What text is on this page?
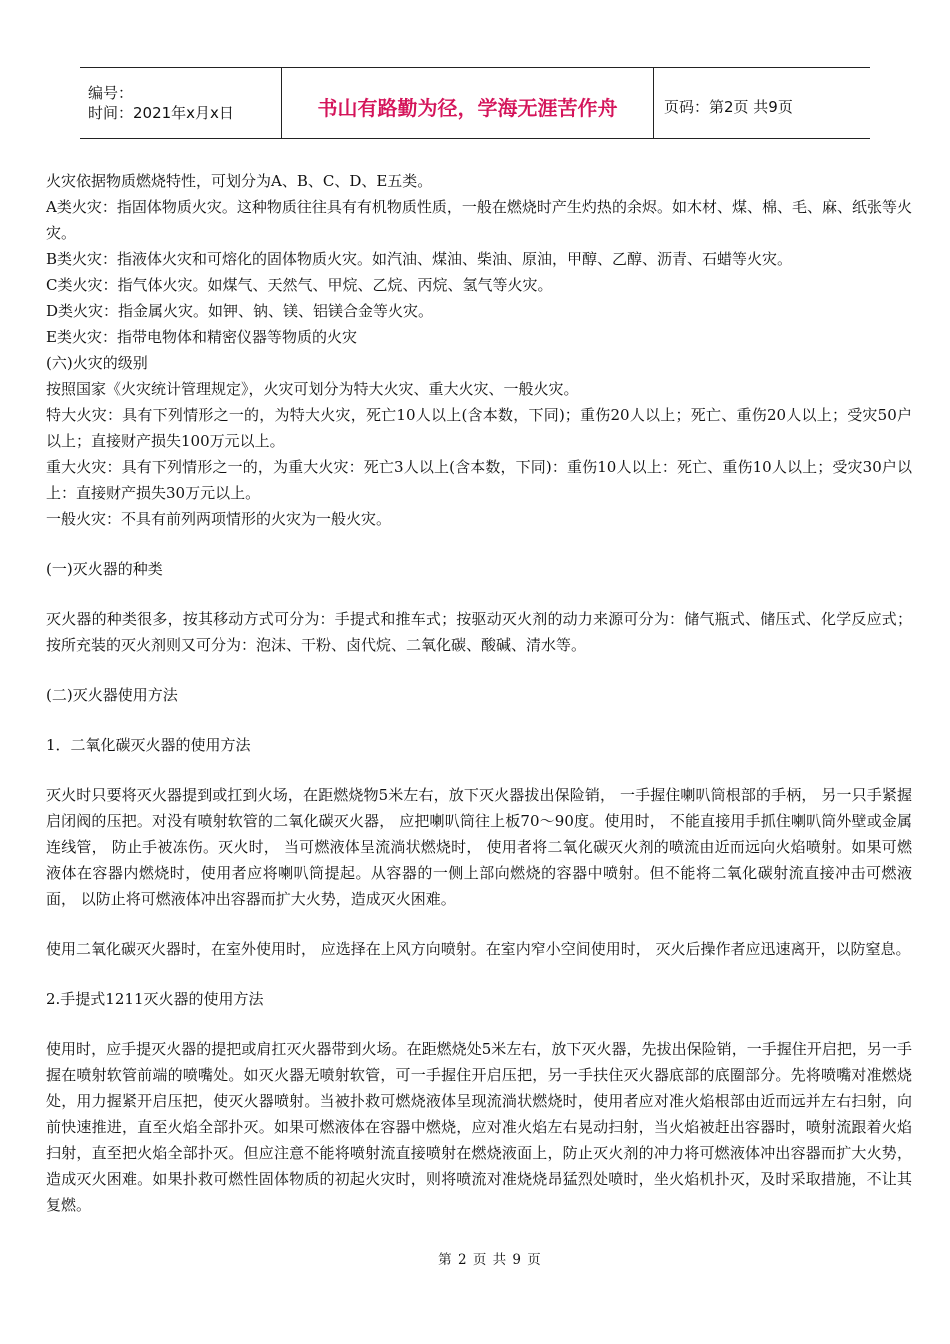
编号：
时间：2021年x月x日	书山有路勤为径，学海无涯苦作舟	页码：第2页 共9页

火灾依据物质燃烧特性，可划分为A、B、C、D、E五类。

A类火灾：指固体物质火灾。这种物质往往具有有机物质性质，一般在燃烧时产生灼热的余烬。如木材、煤、棉、毛、麻、纸张等火灾。

B类火灾：指液体火灾和可熔化的固体物质火灾。如汽油、煤油、柴油、原油，甲醇、乙醇、沥青、石蜡等火灾。

C类火灾：指气体火灾。如煤气、天然气、甲烷、乙烷、丙烷、氢气等火灾。

D类火灾：指金属火灾。如钾、钠、镁、铝镁合金等火灾。

E类火灾：指带电物体和精密仪器等物质的火灾

(六)火灾的级别

按照国家《火灾统计管理规定》，火灾可划分为特大火灾、重大火灾、一般火灾。

特大火灾：具有下列情形之一的，为特大火灾，死亡10人以上(含本数，下同)；重伤20人以上；死亡、重伤20人以上；受灾50户以上；直接财产损失100万元以上。

重大火灾：具有下列情形之一的，为重大火灾：死亡3人以上(含本数，下同)：重伤10人以上：死亡、重伤10人以上；受灾30户以上：直接财产损失30万元以上。

一般火灾：不具有前列两项情形的火灾为一般火灾。

(一)灭火器的种类

灭火器的种类很多，按其移动方式可分为：手提式和推车式；按驱动灭火剂的动力来源可分为：储气瓶式、储压式、化学反应式；按所充装的灭火剂则又可分为：泡沫、干粉、卤代烷、二氧化碳、酸碱、清水等。

(二)灭火器使用方法

1．二氧化碳灭火器的使用方法

灭火时只要将灭火器提到或扛到火场，在距燃烧物5米左右，放下灭火器拔出保险销， 一手握住喇叭筒根部的手柄， 另一只手紧握启闭阀的压把。对没有喷射软管的二氧化碳灭火器， 应把喇叭筒往上板70～90度。使用时， 不能直接用手抓住喇叭筒外壁或金属连线管， 防止手被冻伤。灭火时， 当可燃液体呈流淌状燃烧时， 使用者将二氧化碳灭火剂的喷流由近而远向火焰喷射。如果可燃液体在容器内燃烧时，使用者应将喇叭筒提起。从容器的一侧上部向燃烧的容器中喷射。但不能将二氧化碳射流直接冲击可燃液面， 以防止将可燃液体冲出容器而扩大火势，造成灭火困难。

使用二氧化碳灭火器时，在室外使用时， 应选择在上风方向喷射。在室内窄小空间使用时， 灭火后操作者应迅速离开，以防窒息。

2.手提式1211灭火器的使用方法

使用时，应手提灭火器的提把或肩扛灭火器带到火场。在距燃烧处5米左右，放下灭火器，先拔出保险销，一手握住开启把，另一手握在喷射软管前端的喷嘴处。如灭火器无喷射软管，可一手握住开启压把，另一手扶住灭火器底部的底圈部分。先将喷嘴对准燃烧处，用力握紧开启压把，使灭火器喷射。当被扑救可燃烧液体呈现流淌状燃烧时，使用者应对准火焰根部由近而远并左右扫射，向前快速推进，直至火焰全部扑灭。如果可燃液体在容器中燃烧，应对准火焰左右晃动扫射，当火焰被赶出容器时，喷射流跟着火焰扫射，直至把火焰全部扑灭。但应注意不能将喷射流直接喷射在燃烧液面上，防止灭火剂的冲力将可燃液体冲出容器而扩大火势，造成灭火困难。如果扑救可燃性固体物质的初起火灾时，则将喷流对准烧烧昂猛烈处喷时，坐火焰机扑灭，及时采取措施，不让其复燃。

第 2 页 共 9 页
